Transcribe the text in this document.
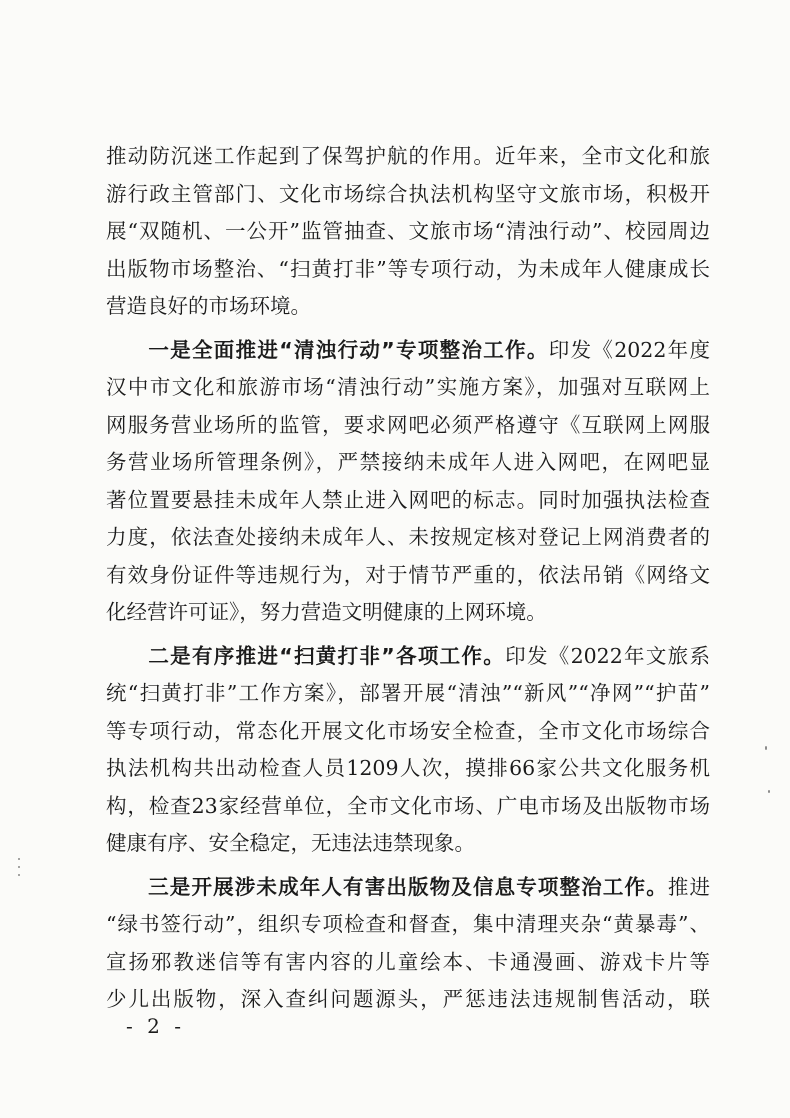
推动防沉迷工作起到了保驾护航的作用。近年来，全市文化和旅
游行政主管部门、文化市场综合执法机构坚守文旅市场，积极开
展“双随机、一公开”监管抽查、文旅市场“清浊行动”、校园周边
出版物市场整治、“扫黄打非”等专项行动，为未成年人健康成长
营造良好的市场环境。
一是全面推进“清浊行动”专项整治工作。印发《2022年度
汉中市文化和旅游市场“清浊行动”实施方案》，加强对互联网上
网服务营业场所的监管，要求网吧必须严格遵守《互联网上网服
务营业场所管理条例》，严禁接纳未成年人进入网吧，在网吧显
著位置要悬挂未成年人禁止进入网吧的标志。同时加强执法检查
力度，依法查处接纳未成年人、未按规定核对登记上网消费者的
有效身份证件等违规行为，对于情节严重的，依法吊销《网络文
化经营许可证》，努力营造文明健康的上网环境。
二是有序推进“扫黄打非”各项工作。印发《2022年文旅系
统“扫黄打非”工作方案》，部署开展“清浊”“新风”“净网”“护苗”
等专项行动，常态化开展文化市场安全检查，全市文化市场综合
执法机构共出动检查人员1209人次，摸排66家公共文化服务机
构，检查23家经营单位，全市文化市场、广电市场及出版物市场
健康有序、安全稳定，无违法违禁现象。
三是开展涉未成年人有害出版物及信息专项整治工作。推进
“绿书签行动”，组织专项检查和督查，集中清理夹杂“黄暴毒”、
宣扬邪教迷信等有害内容的儿童绘本、卡通漫画、游戏卡片等
少儿出版物，深入查纠问题源头，严惩违法违规制售活动，联
- 2 -
